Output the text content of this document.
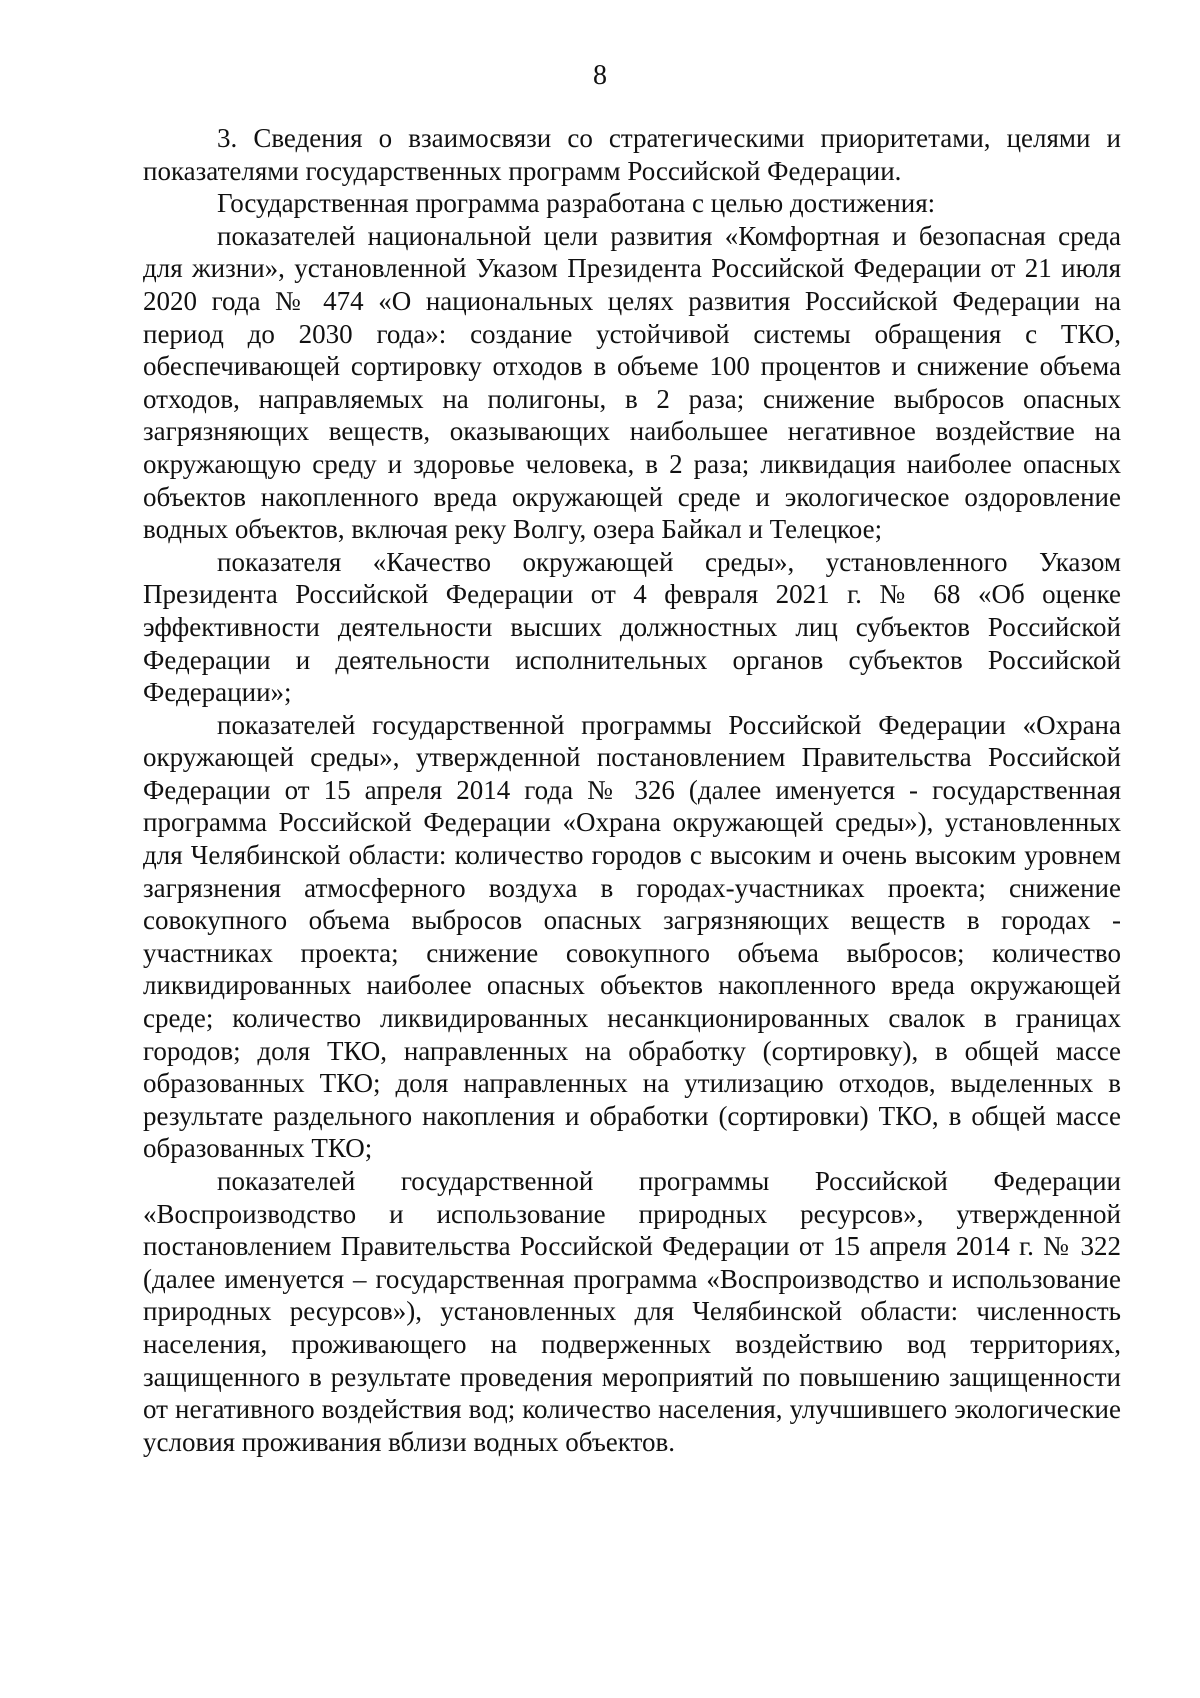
8

3. Сведения о взаимосвязи со стратегическими приоритетами, целями и показателями государственных программ Российской Федерации.

Государственная программа разработана с целью достижения:

показателей национальной цели развития «Комфортная и безопасная среда для жизни», установленной Указом Президента Российской Федерации от 21 июля 2020 года № 474 «О национальных целях развития Российской Федерации на период до 2030 года»: создание устойчивой системы обращения с ТКО, обеспечивающей сортировку отходов в объеме 100 процентов и снижение объема отходов, направляемых на полигоны, в 2 раза; снижение выбросов опасных загрязняющих веществ, оказывающих наибольшее негативное воздействие на окружающую среду и здоровье человека, в 2 раза; ликвидация наиболее опасных объектов накопленного вреда окружающей среде и экологическое оздоровление водных объектов, включая реку Волгу, озера Байкал и Телецкое;

показателя «Качество окружающей среды», установленного Указом Президента Российской Федерации от 4 февраля 2021 г. № 68 «Об оценке эффективности деятельности высших должностных лиц субъектов Российской Федерации и деятельности исполнительных органов субъектов Российской Федерации»;

показателей государственной программы Российской Федерации «Охрана окружающей среды», утвержденной постановлением Правительства Российской Федерации от 15 апреля 2014 года № 326 (далее именуется - государственная программа Российской Федерации «Охрана окружающей среды»), установленных для Челябинской области: количество городов с высоким и очень высоким уровнем загрязнения атмосферного воздуха в городах-участниках проекта; снижение совокупного объема выбросов опасных загрязняющих веществ в городах - участниках проекта; снижение совокупного объема выбросов; количество ликвидированных наиболее опасных объектов накопленного вреда окружающей среде; количество ликвидированных несанкционированных свалок в границах городов; доля ТКО, направленных на обработку (сортировку), в общей массе образованных ТКО; доля направленных на утилизацию отходов, выделенных в результате раздельного накопления и обработки (сортировки) ТКО, в общей массе образованных ТКО;

показателей государственной программы Российской Федерации «Воспроизводство и использование природных ресурсов», утвержденной постановлением Правительства Российской Федерации от 15 апреля 2014 г. № 322 (далее именуется – государственная программа «Воспроизводство и использование природных ресурсов»), установленных для Челябинской области: численность населения, проживающего на подверженных воздействию вод территориях, защищенного в результате проведения мероприятий по повышению защищенности от негативного воздействия вод; количество населения, улучшившего экологические условия проживания вблизи водных объектов.
